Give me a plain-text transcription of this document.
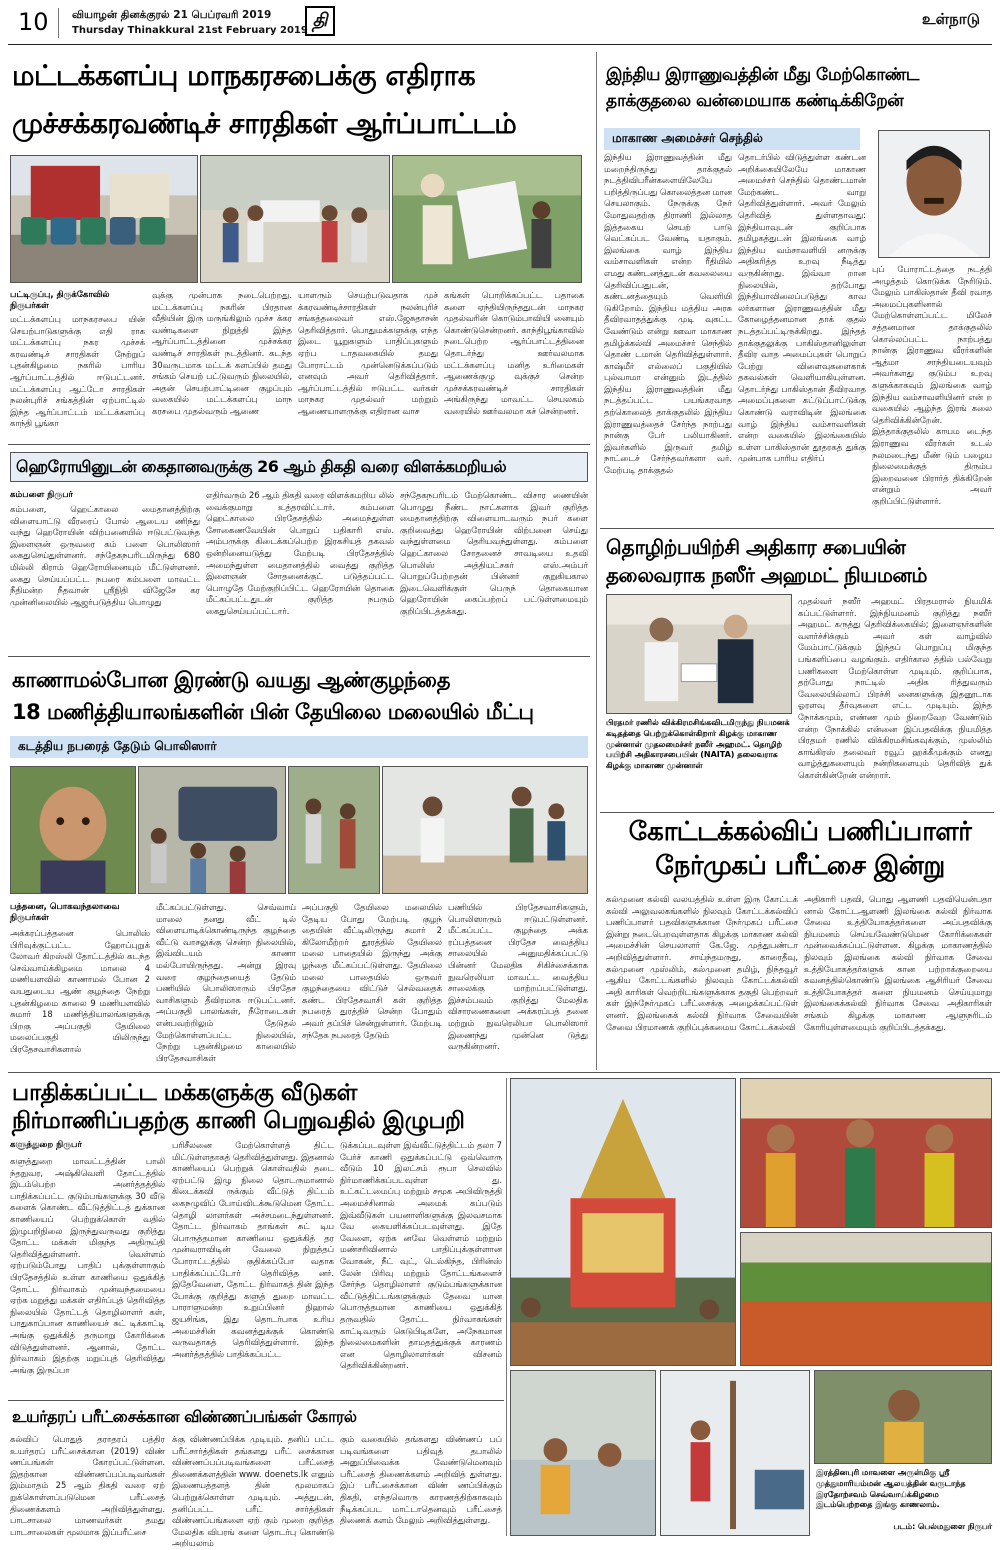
10 வியாழன் தினக்குரல் 21 பெப்ரவரி 2019
Thursday Thinakkural 21st February 2019 தி	உள்நாடு
மட்டக்களப்பு மாநகரசபைக்கு எதிராக
முச்சக்கரவண்டிச் சாரதிகள் ஆர்ப்பாட்டம்
பட்டிருப்பு, திருக்கோவில் நிருபர்கள்
மட்டக்களப்பு மாநகரசபை யின் செயற்பாடுகளுக்கு எதி ராக மட்டக்களப்பு நகர முச்சக் கரவண்டிச் சாரதிகள் நேற்றுப் புதன்கிழமை நகரில் பாரிய ஆர்ப்பாட்டத்தில் ஈடுபட்டனர். மட்டக்களப்பு ஆட்டோ சாரதிகள் நலன்புரிச் சங்கத்தின் ஏற்பாட்டில் இந்த ஆர்ப்பாட்டம் மட்டக்களப்பு காந்தி பூங்கா
வுக்கு முன்பாக நடைபெற்றது. மட்டக்களப்பு நகரின் பிரதான வீதியின் இரு மருங்கிலும் முச்ச க்கர வண்டிகளை நிறுத்தி இந்த ஆர்ப்பாட்டத்தினை முச்சக்கர வண்டிச் சாரதிகள் நடத்தினர். கடந்த 30வருடமாக மட்டக் களப்பில் தமது சங்கம் செயற் பட்டுவரும் நிலையில், அதன் செயற்பாட்டினை குழப்பும் வகையில் மட்டக்களப்பு மாந கரசபை முதல்வரும் ஆணை
யாளரும் செயற்படுவதாக முச் க்கரவண்டிச்சாரதிகள் நலன்புரிச் சங்கத்தலைவர் எஸ்.ஜேசுதாசன் தெரிவித்தார். பொதுமக்களுக்கு எந்த இடை யூறுகளும் பாதிப்புகளும் ஏற்ப டாதவகையில் தமது போராட்டம் முன்னெடுக்கப்படும் எனவும் அவர் தெரிவித்தார். ஆர்ப்பாட்டத்தில் ஈடுபட்ட வர்கள் மாநகர முதல்வர் மற்றும் ஆணையாளருக்கு எதிரான வாச
கங்கள் பொறிக்கப்பட்ட பதாகை களை ஏந்தியிருந்ததுடன் மாநகர முதல்வரின் கொடும்பாவியி னையும் கொண்டுசென்றனர். காந்திபூங்காவில் நடைபெற்ற ஆர்ப்பாட்டத்தினை தொடர்ந்து ஊர்வலமாக மட்டக்களப்பு மனித உரிமைகள் ஆணைக்குழு வுக்குச் சென்ற முச்சக்கரவண்டிச் சாரதிகள் அங்கிருந்து மாவட்ட செயலகம் வரையில் ஊர்வலமா கச் சென்றனர்.
ஹெரோயினுடன் கைதானவருக்கு 26 ஆம் திகதி வரை விளக்கமறியல்
கம்பளை நிருபர்
கம்பளை, ஹெட்காலை மைதானத்திற்கு விளையாட்டு வீரரைப் போல் ஆடைய ணிந்து வந்து ஹெரோயின் விற்பனையில் ஈடுபட்டுவந்த இளைஞன் ஒருவரை கம் பளை பொலிஸார் கைதுசெய்துள்ளனர். சந்தேகநபரிடமிருந்து 680 மில்லி கிராம் ஹெரோயினையும் மீட்டுள்ளனர். கைது செய்யப்பட்ட நபரை கம்பளை மாவட்ட நீதிமன்ற நீதவான் ஸ்ரீநிதி விஜேசே கர முன்னிலையில் ஆஜர்படுத்திய பொழுது
எதிர்வரும் 26 ஆம் திகதி வரை விளக்கமறிய லில் வைக்குமாறு உத்தரவிட்டார். கம்பளை ஹெட்காலை பிரதேசத்தில் அமைந்துள்ள சோகைணவேயின் பொறுப் பதிகாரி எஸ். அம்பருக்கு கிடைக்கப்பெற்ற இரகசியத் தகவல் ஒன்றினையடுத்து மேற்படி பிரதேசத்தில் அமைந்துள்ள மைதானத்தில் வைத்து குறித்த இளைஞன் சோதனைக்குட் படுத்தப்பட்ட பொழுதே மேற்குறிப்பிட்ட ஹெரோயின் தொகை மீட்கப்பட்டதுடன் குறித்த நபரும் கைதுசெய்யப்பட்டார்.
சந்தேகநபரிடம் மேற்கொண்ட விசார ணையின் பொழுது நீண்ட நாட்களாக இவர் குறித்த மைதானத்திற்கு விளையாடவரும் நபர் களை குறிவைத்து ஹெரோயின் விற்பனை செய்து வந்துள்ளமை தெரியவந்துள்ளது. கம்பளை ஹெட்காலை சோதனைச் சாவடியை உதவி பொலிஸ் அத்தியட்சகர் எஸ்.அம்பர் பொறுப்பேற்றதன் பின்னர் குறுகியகால இடைவெளிக்குள் பெருந் தொகையான ஹெரோயின் கைப்பற்றப் பட்டுள்ளமையும் குறிப்பிடத்தக்கது.
காணாமல்போன இரண்டு வயது ஆண்குழந்தை
18 மணித்தியாலங்களின் பின் தேயிலை மலையில் மீட்பு
கடத்திய நபரைத் தேடும் பொலிஸார்
பத்தனை, பொகவந்தலாவை நிருபர்கள்
அக்கரப்பத்தனை பொலிஸ் பிரிவுக்குட்பட்ட ஹோப்புறுக் லோவர் கிறஸ்லி தோட்டத்தில் கடந்த செவ்வாய்க்கிழமை மாலை 4 மணியளவில் காணாமல் போன 2 வயதுடைய ஆண் குழந்தை நேற்று புதன்கிழமை காலை 9 மணியளவில் சுமார் 18 மணித்தியாலங்களுக்கு பிறகு அப்பகுதி தேயிலை மலைப்பகுதி யிலிருந்து பிரதேசவாசிகளால்
மீட்கப்பட்டுள்ளது. செவ்வாய் மாலை தனது வீட் டில் விளையாடிக்கொண்டிருந்த குழந்தை வீட்டு வாசலுக்கு சென்ற நிலையில், இவ்விடயம் காணா மல்போயிருந்தது. அன்று இரவு வரை குழந்தையைத் தேடும் பணியில் பொலிஸாரும் பிரதேச வாசிகளும் தீவிரமாக ஈடுபட்டனர். அப்பகுதி பாலங்கள், நீரோடைகள் என்பவற்றிலும் தேடுதல் மேற்கொள்ளப்பட்ட நிலையில், நேற்று புதன்கிழமை காலையில் பிரதேசவாசிகள்
அப்பகுதி தேயிலை மலையில் தேடிய போது மேற்படி குழந் தையின் வீட்டிலிருந்து சுமார் 2 கிலோமீற்றர் தூரத்தில் தேயிலை மலை பாதையில் இருந்து அக்கு ழந்தை மீட்கப்பட்டுள்ளது. தேயிலை மலை பாதையில் ஒருவர் குழந்தையை விட்டுச் செல்வதைக் கண்ட பிரதேசவாசி கள் குறித்த நபரைத் துரத்திச் சென்ற போதும் அவர் தப்பிச் சென்றுள்ளார். மேற்படி சந்தேக நபரைத் தேடும்
பணியில் பிரதேசவாசிகளும், பொலிஸாரும் ஈடுபட்டுள்ளனர். மீட்கப்பட்ட குழந்தை அக்க ரப்பத்தனை பிரதேச வைத்திய சாலையில் அனுமதிக்கப்பட்டு பின்னர் மேலதிக சிகிச்சைக்காக நுவரெலியா மாவட்ட வைத்திய சாலைக்கு மாற்றப்பட்டுள்ளது. இச்சம்பவம் குறித்து மேலதிக விசாரணைகளை அக்கரப்பத் தனை மற்றும் நுவரெலியா பொலிஸார் இணைந்து முன்னெ டுத்து வருகின்றனர்.
பாதிக்கப்பட்ட மக்களுக்கு வீடுகள்
நிர்மாணிப்பதற்கு காணி பெறுவதில் இழுபறி
களுத்துறை நிருபர்
களுத்துறை மாவட்டத்தின் பாலி ந்தநுவர, அஷ்கிவெளி தோட்டத்தில் இடம்பெற்ற அனர்த்தத்தில் பாதிக்கப்பட்ட குடும்பங்களுக்கு 30 வீடு களைக் கொண்ட வீட்டுத்திட்டத் துக்கான காணியைப் பெற்றுக்கொள் வதில் இழுபறிநிலை இருந்துவருவது குறித்து தோட்ட மக்கள் மிகுந்த அதிருப்தி தெரிவித்துள்ளனர். வெள்ளம் ஏற்படும்போது பாதிப் புக்குள்ளாகும் பிரதேசத்தில் உள்ள காணியை ஒதுக்கித் தோட்ட நிர்வாகம் முன்வந்தமையை ஏற்க மறுத்து மக்கள் எதிர்ப்புத் தெரிவித்த நிலையில் தோட்டத் தொழிலாளர் கள், பாதுகாப்பான காணியைச் சுட் டிக்காட்டி அங்கு ஒதுக்கித் தருமாறு கோரிக்கை விடுத்துள்ளனர். ஆனால், தோட்ட நிர்வாகம் இதற்கு மறுப்புத் தெரிவித்து அங்கு இருப்பா
பரிசீலனை மேற்கொள்ளத் திட்ட மிட்டுள்ளதாகத் தெரிவித்துள்ளது. இதனால் காணியைப் பெற்றுக் கொள்வதில் தடை ஏற்பட்டு இழு நிலை தொடருமானால் கிடைக்கவி ருக்கும் வீட்டுத் திட்டம் கைநழுவிப் போய்விடக்கூடுமென தோட்ட தொழி லாளர்கள் அச்சமடைந்துள்ளனர். தோட்ட நிர்வாகம் தாங்கள் சுட் டிய பொருத்தமான காணியை ஒதுக்கித் தர முன்வராவிடின் வேலை நிறுத்தப் போராட்டத்தில் குதிக்கப்போ வதாக பாதிக்கப்பட்டோர் தெரிவித்த னர். இதேவேளை, தோட்ட நிர்வாகத் தின் இந்த போக்கு குறித்து களுத் துறை மாவட்ட பாராளுமன்ற உறுப்பினர் நிஹால் ஜயசிங்க, இது தொடர்பாக உரிய அமைச்சின் கவனத்துக்குக் கொண்டு வருவதாகத் தெரிவித்துள்ளார். இந்த அனர்த்தத்தில் பாதிக்கப்பட்ட
டுக்கப்படவுள்ள இவ்வீட்டுத்திட்டம் தலா 7 பேர்ச் காணி ஒதுக்கப்பட்டு ஒவ்வொரு வீடும் 10 இலட்சம் ரூபா செலவில் நிர்மாணிக்கப்படவுள்ள து. உட்கட்டமைப்பு மற்றும் சமூக அபிவிருத்தி அமைச்சினால் அமைக் கப்படும் இவ்வீடுகள் பயனாளிகளுக்கு இலவசமாக வே கையளிக்கப்படவுள்ளது. இதே வேளை, ஏற்க னவே வெள்ளம் மற்றும் மண்சரிவினால் பாதிப்புக்குள்ளான வோகன், நீட் வுட், டெல்கிந்த, பிரின்ஸ் லேன் பிரிவு மற்றும் தோட்டங்களைச் சேர்ந்த தொழிலாளர் குடும்பங்களுக்கான வீட்டுத்திட்டங்களுக்கும் தேவை யான பொருத்தமான காணியை ஒதுக்கித் தருவதில் தோட்ட நிர்வாகங்கள் காட்டிவரும் கெடுபிடிகளே, அநேகமான நிலைமைகளின் தாமதத்துக்குக் காரணம் என தொழிலாளர்கள் விசனம் தெரிவிக்கின்றனர்.
உயர்தரப் பரீட்சைக்கான விண்ணப்பங்கள் கோரல்
கல்விப் பொதுத் தராதரப் பத்திர உயர்தரப் பரீட்சைக்கான (2019) விண் ணப்பங்கள் கோரப்பட்டுள்ளன. இதற்கான விண்ணப்பப்படிவங்கள் இம்மாதம் 25 ஆம் திகதி வரை ஏற் றுக்கொள்ளப்படுமென பரீட்சைத் திணைக்களம் அறிவித்துள்ளது. பாடசாலை மாணவர்கள் தமது பாடசாலைகள் மூலமாக இப்பரீட்சை
க்கு விண்ணப்பிக்க முடியும். தனிப் பட்ட பரீட்சார்த்திகள் தங்களது பரீட் சைக்கான விண்ணப்பப்படிவங்களை பரீட்சைத் திணைக்களத்தின் www. doenets.lk எனும் இணையத்தளத் தின் மூலமாகப் பெற்றுக்கொள்ள முடியும். அத்துடன், தனிப்பட்ட பரீட் சார்த்திகள் விண்ணப்பங்களை ஏற் கும் முறை குறித்த மேலதிக விபரங் களை தொடர்பு கொண்டு அறியலாம்
கும் வகையில் தங்களது விண்ணப் பப் படிவங்களை பதிவுத் தபாலில் அனுப்பிவைக்க வேண்டுமெனவும் பரீட்சைத் திணைக்களம் அறிவித் துள்ளது. இப் பரீட்சைக்கான விண் ணப்பிக்கும் திகதி, எந்தவொரு காரணத்திற்காகவும் நீடிக்கப்பட மாட்டாதெனவும் பரீட்சைத் திணைக் களம் மேலும் அறிவித்துள்ளது.
இந்திய இராணுவத்தின் மீது மேற்கொண்ட
தாக்குதலை வன்மையாக கண்டிக்கிறேன்
மாகாண அமைச்சர் செந்தில்
இந்திய இராணுவத்தின் மீது மறைந்திருந்து தாக்குதல் நடத்திவிபரீன்களையிலேயே பறித்திருப்பது கொலைத்தன மான செயலாகும். நேருக்கு நேர் மோதுவதற்கு திராணி இல்லாத இத்தகைய செயற் பாடு வெட்கப்பட வேண்டி யதாகும். இலங்கை வாழ் இந்திய வம்சாவளிகள் என்ற ரீதியில் எமது கண்டனத்துடன் கவலையை தெரிவிப்பதுடன், கண்டனத்தையும் வெளியி டுகிறோம். இந்திய மத்திய அரசு தீவிரவாதத்துக்கு முடி வுகட்ட வேண்டும் என்று ஊவா மாகாண தமிழ்க்கல்வி அமைச்சர் செந்தில் தொண் டமான் தெரிவித்துள்ளார். காஷ்மீர் எல்லைப் பகுதியில் புல்வாமா என்னும் இடத்தில் இந்திய இராணுவத்தின் மீது நடத்தப்பட்ட பயங்கரவாத தற்கொலைத் தாக்குதலில் இந்திய இராணுவத்தைச் சேர்ந்த நாற்பது நான்கு பேர் பலியாகினர். இவர்களில் இருவர் தமிழ் நாட்டைச் சேர்ந்தவர்களா வர். மேற்படி தாக்குதல்
தொடர்பில் விடுத்துள்ள கண்டன அறிக்கையிலேயே மாகாண அமைச்சர் செந்தில் தொண்டமான் மேற்கண்ட வாறு தெரிவித்துள்ளார். அவர் மேலும் தெரிவித் துள்ளதாவது: இந்தியாவுடன் குறிப்பாக தமிழகத்துடன் இலங்கை வாழ் இந்திய வம்சாவளியி னருக்கு அதிகரித்த உறவு நீடித்து வருகின்றது. இவ்வா றான நிலையில், தற்போது இந்தியாவிலைப்படுத்து காவ லர்களான இராணுவத்தின் மீது கோழைத்தனமான தாக் குதல் நடத்தப்பட்டிருக்கிறது. இந்தத் தாக்குதலுக்கு பாகிஸ்தானிலுள்ள தீவிர வாத அமைப்புகள் பொறுப் பேற்று விளைவுகளைகாக் தகவல்கள் வெளியாகியுள்ளன. தொடர்ந்து பாகிஸ்தான் தீவிரவாத அமைப்புகளை கட்டுப்பாட்டுக்கு கொண்டு வராவிடின் இலங்கை வாழ் இந்திய வம்சாவளிகள் என்ற வகையில் இலங்கையில் உள்ள பாகிஸ்தான் தூதரகத் துக்கு முன்பாக பாரிய எதிர்ப்
புப் போராட்டத்தை நடத்தி அழுத்தம் கொடுக்க நேரிடும். மேலும் பாகிஸ்தான் தீவி ரவாத அமைப்புகளினால் மேற்கொள்ளப்பட்ட மிலேச் சத்தனமான தாக்குதலில் கொல்லப்பட்ட நாற்பத்து நான்கு இராணுவ வீரர்களின் ஆத்மா சாந்தியடையவும் அவர்களது குடும்ப உறவு களுக்காகவும் இலங்கை வாழ் இந்திய வம்சாவளியினர் என் ற வகையில் ஆழ்ந்த இரங் கலை தெரிவிக்கின்றேன். இத்தாக்குதலில் காயம டைந்த இராணுவ வீரர்கள் உடல் நலமடைந்து மீண் டும் பழைய நிலைமைக்குத் திரும்ப இறைவனை பிரார்த் திக்கிறேன் என்றும் அவர் குறிப்பிட்டுள்ளார்.
தொழிற்பயிற்சி அதிகார சபையின்
தலைவராக நஸீர் அஹமட் நியமனம்
பிரதமர் ரணில் விக்கிரமசிங்கவிடமிருந்து நியமனக் கடிதத்தை பெற்றுக்கொள்கிறார் கிழக்கு மாகாண முன்னாள் முதலமைச்சர் நஸீர் அஹமட். தொழிற் பயிற்சி அதிகாரசபையின் (NAITA) தலைவராக கிழக்கு மாகாண முன்னாள்
முதல்வர் நஸீர் அஹமட் பிரதமரால் நியமிக் கப்பட்டுள்ளார். இந்நியமனம் குறித்து நஸீர் அஹமட் கருத்து தெரிவிக்கையில்; இளைஞர்களின் வளர்ச்சிக்கும் அவர் கள் வாழ்வில் மேம்பாட்டுக்கும் இந்தப் பொறுப்பு மிகுந்த பங்களிப்பை வழங்கும். எதிர்கால த்தில் பல்வேறு பணிகளை மேற்கொள்ள முடியும். குறிப்பாக, தற்போது நாட்டில் அதிக ரித்துவரும் வேலையில்லாப் பிரச்சி னைகளுக்கு இதனூடாக ஓரளவு தீர்வுகளை எட்ட முடியும். இந்த நோக்கமும், எண்ண மும் நிறைவேற வேண்டும் என்ற நோக்கில் என்னை இப்பதவிக்கு நியமித்த பிரதமர் ரணில் விக்கிரமசிங்கவுக்கும், முஸ்லிம் காங்கிரஸ் தலைவர் ரவூப் ஹக்கீமுக்கும் எனது வாழ்த்துகளையும் நன்றிகளையும் தெரிவித் துக் கொள்கின்றேன் என்றார்.
கோட்டக்கல்விப் பணிப்பாளர்
நேர்முகப் பரீட்சை இன்று
கல்முனை கல்வி வலயத்தில் உள்ள இரு கோட்டக் கல்வி அலுவலகங்களில் நிலவும் கோட்டக்கல்விப் பணிப்பாளர் பதவிகளுக்கான நேர்முகப் பரீட்சை இன்று நடைபெறவுள்ளதாக கிழக்கு மாகாண கல்வி அமைச்சின் செயலாளர் கே.ஜே. முத்துபண்டா அறிவித்துள்ளார். சாய்ந்தமருது, காரைதீவு, கல்முனை முஸ்லிம், கல்முனை தமிழ், நிந்தவூர் ஆகிய கோட்டங்களில் நிலவும் கோட்டக்கல்வி அதி காரிகள் வெற்றிடங்களுக்காக தகுதி பெற்றவர் கள் இந்நேர்முகப் பரீட்சைக்கு அழைக்கப்பட்டுள் ளனர். இலங்கைக் கல்வி நிர்வாக சேவையின் சேவை பிரமாணக் குறிப்புக்கமைய கோட்டக்கல்வி
அதிகாரி பதவி, பொது ஆளணி பதவியென்பதா னால் கோட்டஆளணி இலங்கை கல்வி நிர்வாக சேவை உத்தியோகத்தர்களை அப்பதவிக்கு நியமனம் செய்யவேண்டுமென கோரிக்கைகள் முன்வைக்கப்பட்டுள்ளன. கிழக்கு மாகாணத்தில் நிலவும் இலங்கை கல்வி நிர்வாக சேவை உத்தியோகத்தர்களுக் கான பற்றாக்குறையை கவனத்தில்கொண்டு இலங்கை ஆசிரியர் சேவை உத்தியோகத்தர் களை நியமனம் செய்யுமாறு இலங்கைக்கல்வி நிர்வாக சேவை அதிகாரிகள் சங்கம் கிழக்கு மாகாண ஆளுநரிடம் கோரியுள்ளமையும் குறிப்பிடத்தக்கது.
இரத்தினபுரி மாவளை அருள்மிகு ஸ்ரீ முத்துமாரியம்மன் ஆலயத்தின் வருடாந்த இரதோற்சவம் செவ்வாய்க்கிழமை இடம்பெற்றதை இங்கு காணலாம்.
படம்: பெல்மதுளை நிருபர்
